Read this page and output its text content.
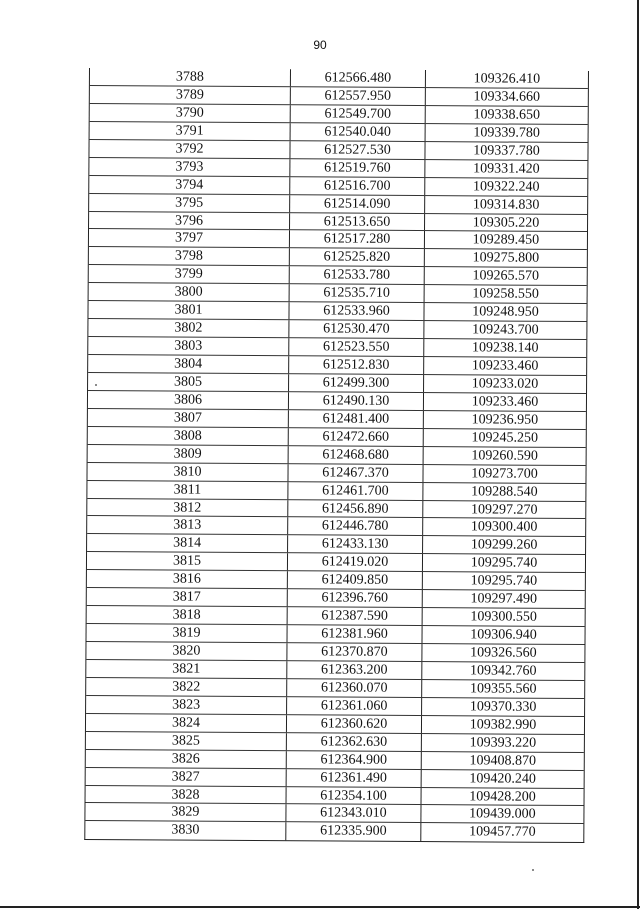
90
3788	612566.480	109326.410
3789	612557.950	109334.660
3790	612549.700	109338.650
3791	612540.040	109339.780
3792	612527.530	109337.780
3793	612519.760	109331.420
3794	612516.700	109322.240
3795	612514.090	109314.830
3796	612513.650	109305.220
3797	612517.280	109289.450
3798	612525.820	109275.800
3799	612533.780	109265.570
3800	612535.710	109258.550
3801	612533.960	109248.950
3802	612530.470	109243.700
3803	612523.550	109238.140
3804	612512.830	109233.460
3805	612499.300	109233.020
3806	612490.130	109233.460
3807	612481.400	109236.950
3808	612472.660	109245.250
3809	612468.680	109260.590
3810	612467.370	109273.700
3811	612461.700	109288.540
3812	612456.890	109297.270
3813	612446.780	109300.400
3814	612433.130	109299.260
3815	612419.020	109295.740
3816	612409.850	109295.740
3817	612396.760	109297.490
3818	612387.590	109300.550
3819	612381.960	109306.940
3820	612370.870	109326.560
3821	612363.200	109342.760
3822	612360.070	109355.560
3823	612361.060	109370.330
3824	612360.620	109382.990
3825	612362.630	109393.220
3826	612364.900	109408.870
3827	612361.490	109420.240
3828	612354.100	109428.200
3829	612343.010	109439.000
3830	612335.900	109457.770
